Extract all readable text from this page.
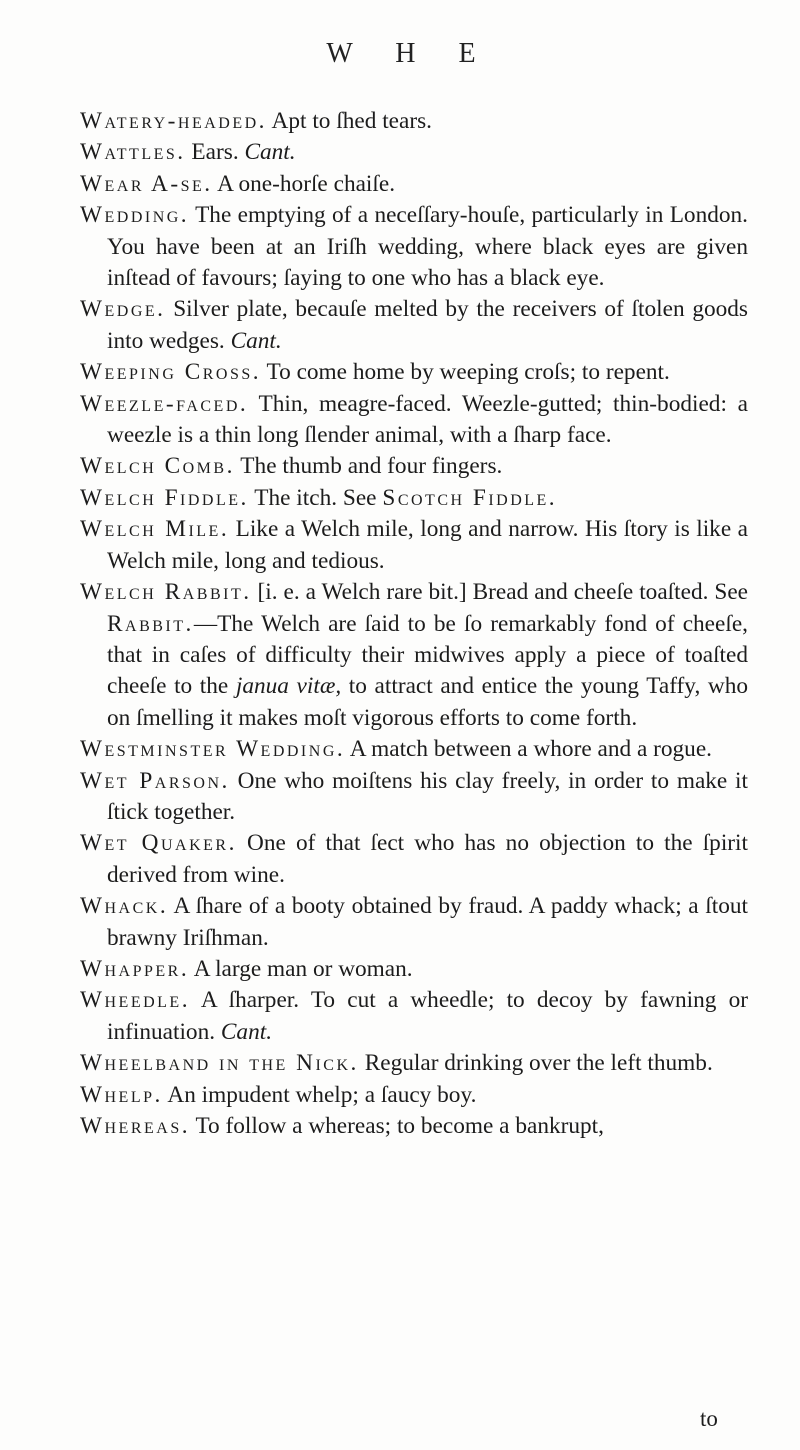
W H E

Watery-headed. Apt to ſhed tears.

Wattles. Ears. Cant.

Wear A-se. A one-horſe chaiſe.

Wedding. The emptying of a neceſſary-houſe, particularly in London. You have been at an Iriſh wedding, where black eyes are given inſtead of favours; ſaying to one who has a black eye.

Wedge. Silver plate, becauſe melted by the receivers of ſtolen goods into wedges. Cant.

Weeping Cross. To come home by weeping croſs; to repent.

Weezle-faced. Thin, meagre-faced. Weezle-gutted; thin-bodied: a weezle is a thin long ſlender animal, with a ſharp face.

Welch Comb. The thumb and four fingers.

Welch Fiddle. The itch. See Scotch Fiddle.

Welch Mile. Like a Welch mile, long and narrow. His ſtory is like a Welch mile, long and tedious.

Welch Rabbit. [i. e. a Welch rare bit.] Bread and cheeſe toaſted. See Rabbit.—The Welch are ſaid to be ſo remarkably fond of cheeſe, that in caſes of difficulty their midwives apply a piece of toaſted cheeſe to the janua vitæ, to attract and entice the young Taffy, who on ſmelling it makes moſt vigorous efforts to come forth.

Westminster Wedding. A match between a whore and a rogue.

Wet Parson. One who moiſtens his clay freely, in order to make it ſtick together.

Wet Quaker. One of that ſect who has no objection to the ſpirit derived from wine.

Whack. A ſhare of a booty obtained by fraud. A paddy whack; a ſtout brawny Iriſhman.

Whapper. A large man or woman.

Wheedle. A ſharper. To cut a wheedle; to decoy by fawning or infinuation. Cant.

Wheelband in the Nick. Regular drinking over the left thumb.

Whelp. An impudent whelp; a ſaucy boy.

Whereas. To follow a whereas; to become a bankrupt,

to
